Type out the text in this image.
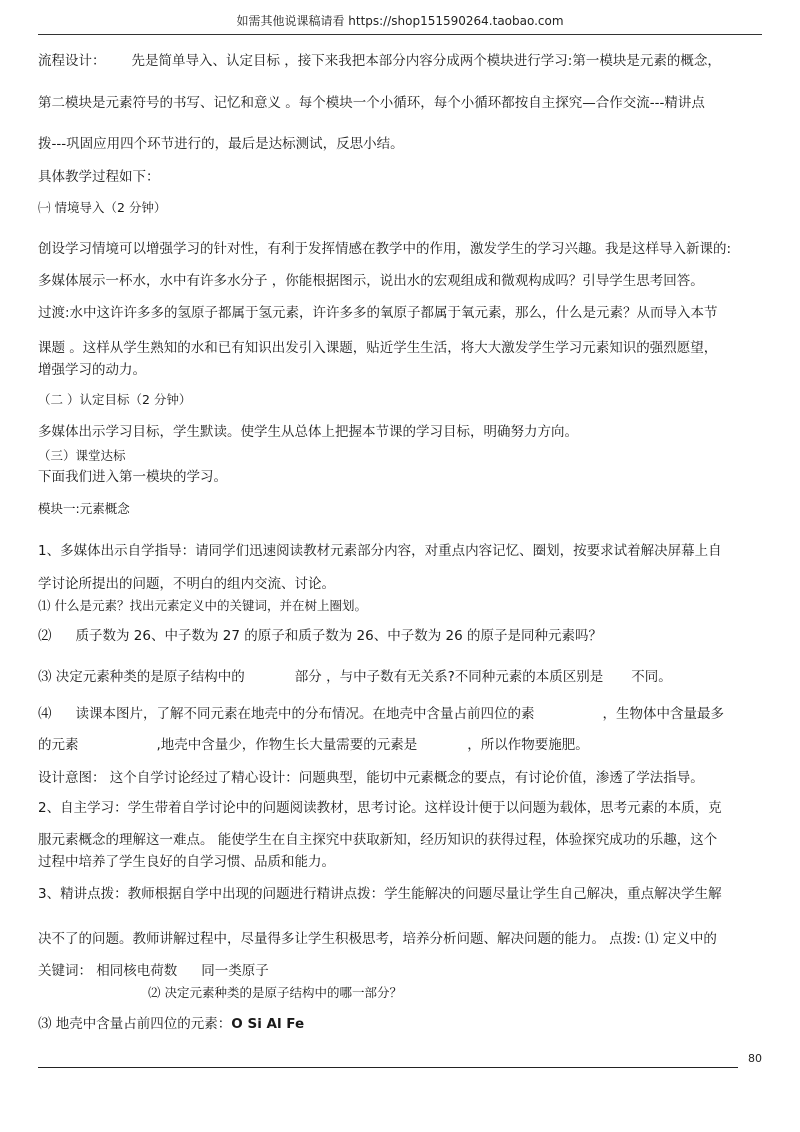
如需其他说课稿请看 https://shop151590264.taobao.com
流程设计： 先是简单导入、认定目标 ，接下来我把本部分内容分成两个模块进行学习:第一模块是元素的概念，
第二模块是元素符号的书写、记忆和意义 。每个模块一个小循环，每个小循环都按自主探究—合作交流---精讲点
拨---巩固应用四个环节进行的，最后是达标测试，反思小结。
具体教学过程如下：
㈠ 情境导入（2 分钟）
创设学习情境可以增强学习的针对性，有利于发挥情感在教学中的作用，激发学生的学习兴趣。我是这样导入新课的:
多媒体展示一杯水，水中有许多水分子 ，你能根据图示，说出水的宏观组成和微观构成吗？引导学生思考回答。
过渡:水中这许许多多的氢原子都属于氢元素，许许多多的氧原子都属于氧元素，那么，什么是元素？从而导入本节
课题 。这样从学生熟知的水和已有知识出发引入课题，贴近学生生活，将大大激发学生学习元素知识的强烈愿望，
增强学习的动力。
（二 ）认定目标（2 分钟）
多媒体出示学习目标，学生默读。使学生从总体上把握本节课的学习目标，明确努力方向。
（三）课堂达标
下面我们进入第一模块的学习。
模块一:元素概念
1、多媒体出示自学指导：请同学们迅速阅读教材元素部分内容，对重点内容记忆、圈划，按要求试着解决屏幕上自
学讨论所提出的问题，不明白的组内交流、讨论。
⑴ 什么是元素？找出元素定义中的关键词，并在树上圈划。
⑵ 质子数为 26、中子数为 27 的原子和质子数为 26、中子数为 26 的原子是同种元素吗？
⑶ 决定元素种类的是原子结构中的	部分 ，与中子数有无关系?不同种元素的本质区别是 不同。
⑷ 读课本图片，了解不同元素在地壳中的分布情况。在地壳中含量占前四位的素	，生物体中含量最多
的元素	,地壳中含量少，作物生长大量需要的元素是	，所以作物要施肥。
设计意图： 这个自学讨论经过了精心设计：问题典型，能切中元素概念的要点，有讨论价值，渗透了学法指导。
2、自主学习：学生带着自学讨论中的问题阅读教材，思考讨论。这样设计便于以问题为载体，思考元素的本质，克
服元素概念的理解这一难点。 能使学生在自主探究中获取新知，经历知识的获得过程，体验探究成功的乐趣，这个
过程中培养了学生良好的自学习惯、品质和能力。
3、精讲点拨：教师根据自学中出现的问题进行精讲点拨：学生能解决的问题尽量让学生自己解决，重点解决学生解
决不了的问题。教师讲解过程中，尽量得多让学生积极思考，培养分析问题、解决问题的能力。 点拨: ⑴ 定义中的
关键词： 相同核电荷数 同一类原子
⑵ 决定元素种类的是原子结构中的哪一部分？
⑶ 地壳中含量占前四位的元素：O Si Al Fe
80
